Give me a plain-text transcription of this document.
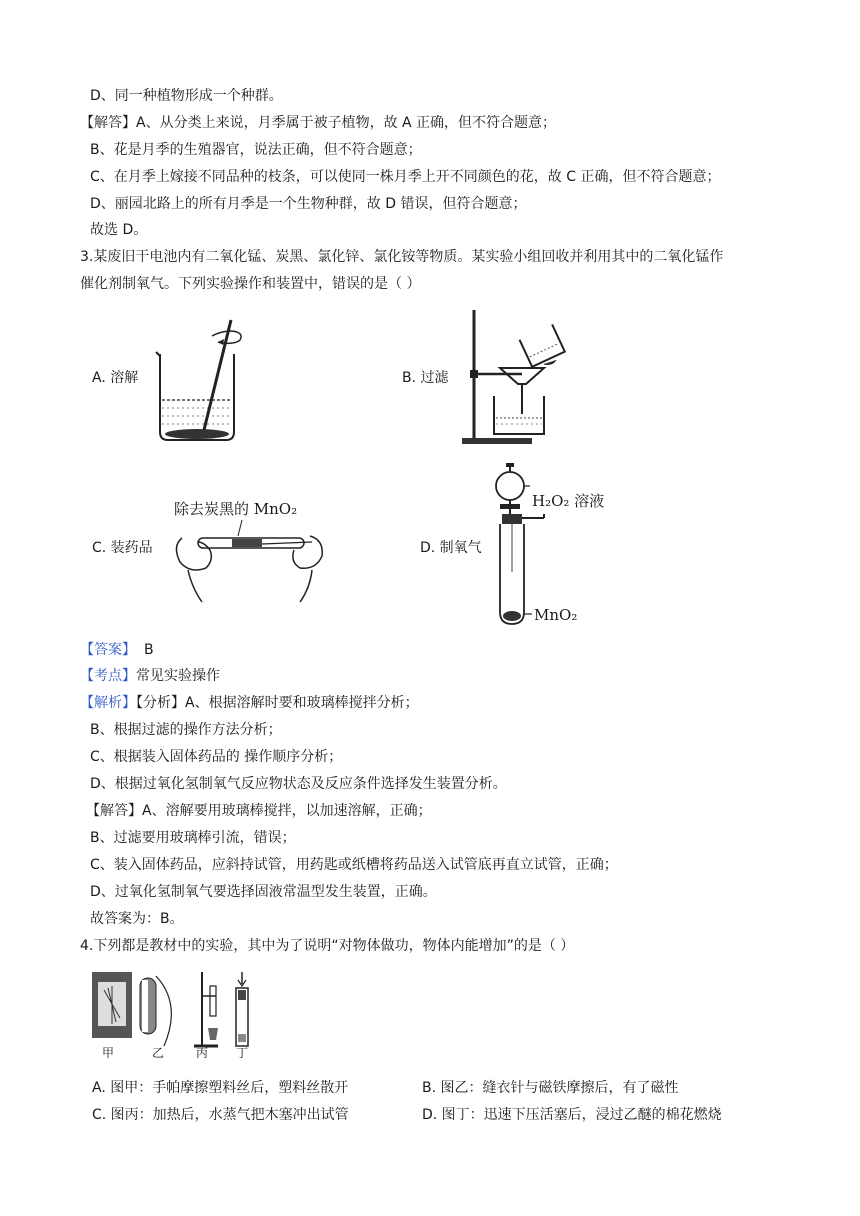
D、同一种植物形成一个种群。
【解答】A、从分类上来说，月季属于被子植物，故 A 正确，但不符合题意；
B、花是月季的生殖器官，说法正确，但不符合题意；
C、在月季上嫁接不同品种的枝条，可以使同一株月季上开不同颜色的花，故 C 正确，但不符合题意；
D、丽园北路上的所有月季是一个生物种群，故 D 错误，但符合题意；
故选 D。
3.某废旧干电池内有二氧化锰、炭黑、氯化锌、氯化铵等物质。某实验小组回收并利用其中的二氧化锰作
催化剂制氧气。下列实验操作和装置中，错误的是（ ）
A. 溶解	B. 过滤
C. 装药品
除去炭黑的 MnO₂
D. 制氧气
H₂O₂ 溶液
MnO₂
【答案】 B
【考点】常见实验操作
【解析】【分析】A、根据溶解时要和玻璃棒搅拌分析；
B、根据过滤的操作方法分析；
C、根据装入固体药品的 操作顺序分析；
D、根据过氧化氢制氧气反应物状态及反应条件选择发生装置分析。
【解答】A、溶解要用玻璃棒搅拌，以加速溶解，正确；
B、过滤要用玻璃棒引流，错误；
C、装入固体药品，应斜持试管，用药匙或纸槽将药品送入试管底再直立试管，正确；
D、过氧化氢制氧气要选择固液常温型发生装置，正确。
故答案为：B。
4.下列都是教材中的实验，其中为了说明“对物体做功，物体内能增加”的是（ ）
甲	乙	丙 丁
A. 图甲：手帕摩擦塑料丝后，塑料丝散开	B. 图乙：缝衣针与磁铁摩擦后，有了磁性
C. 图丙：加热后，水蒸气把木塞冲出试管	D. 图丁：迅速下压活塞后，浸过乙醚的棉花燃烧
